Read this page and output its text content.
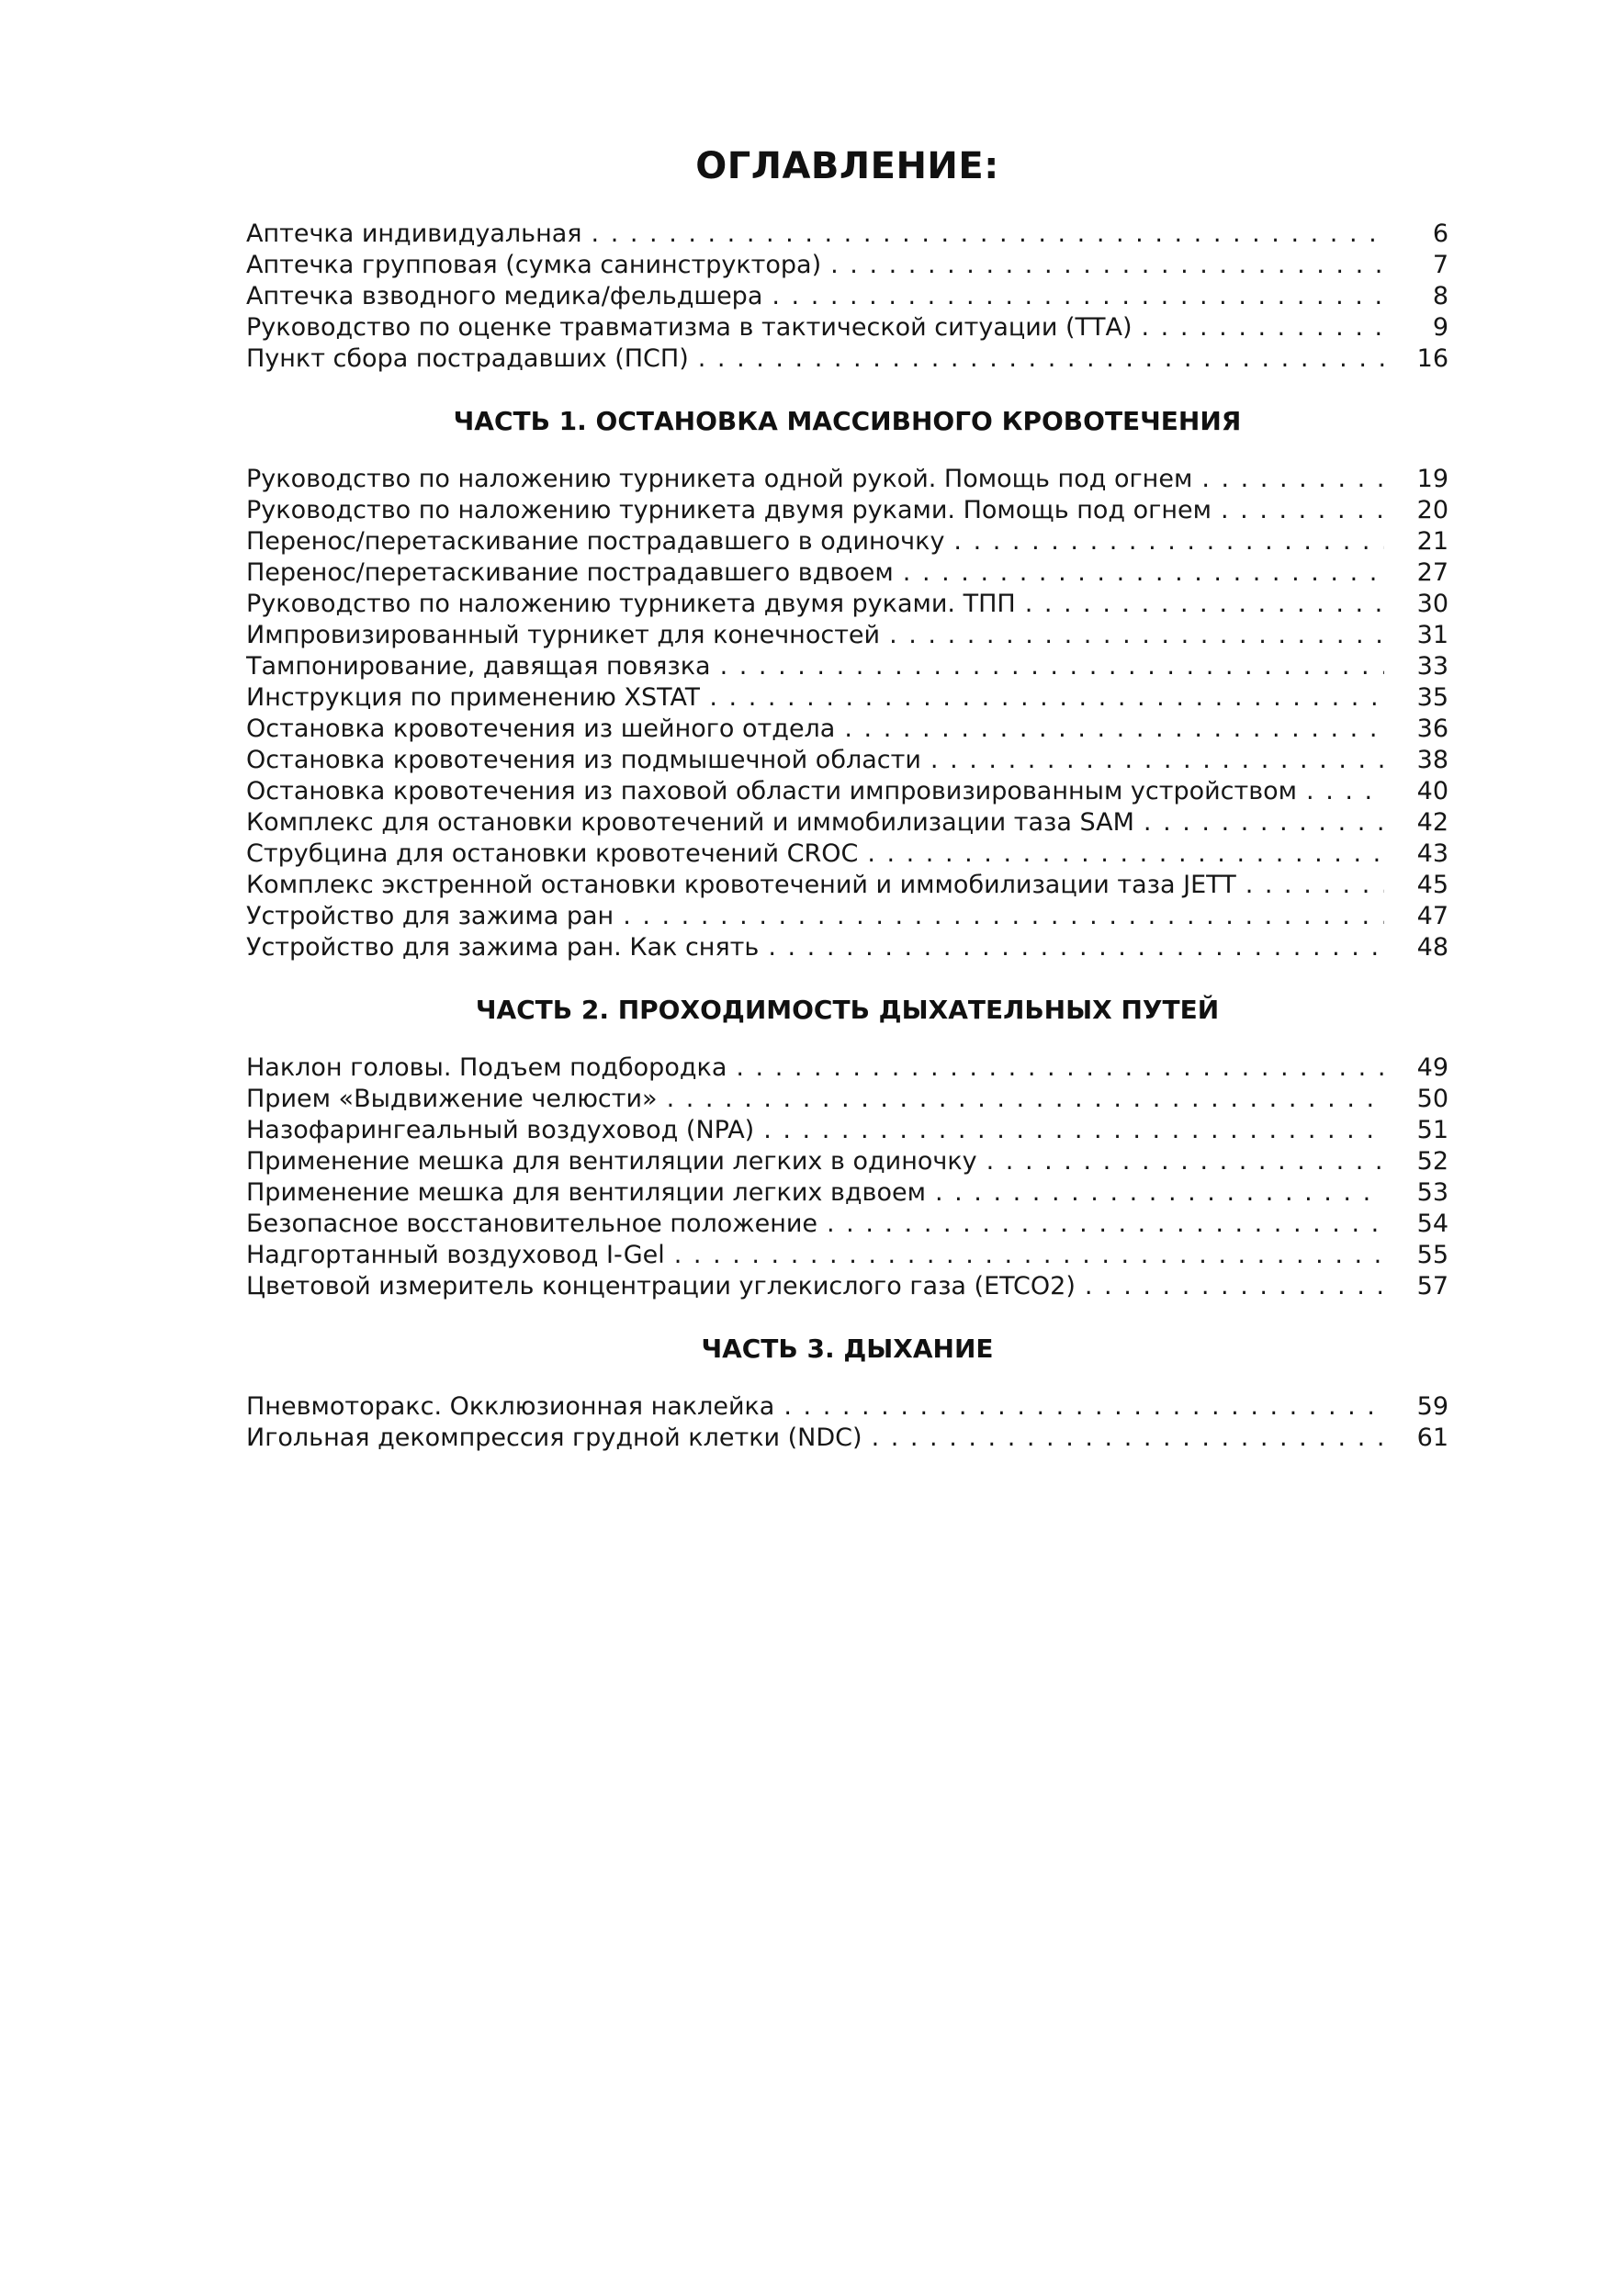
ОГЛАВЛЕНИЕ:
Аптечка индивидуальная . . .	6
Аптечка групповая (сумка санинструктора) . . .	7
Аптечка взводного медика/фельдшера . . .	8
Руководство по оценке травматизма в тактической ситуации (ТТА) . . .	9
Пункт сбора пострадавших (ПСП) . . .	16
ЧАСТЬ 1. ОСТАНОВКА МАССИВНОГО КРОВОТЕЧЕНИЯ
Руководство по наложению турникета одной рукой. Помощь под огнем . . .	19
Руководство по наложению турникета двумя руками. Помощь под огнем . . .	20
Перенос/перетаскивание пострадавшего в одиночку . . .	21
Перенос/перетаскивание пострадавшего вдвоем . . .	27
Руководство по наложению турникета двумя руками. ТПП . . .	30
Импровизированный турникет для конечностей . . .	31
Тампонирование, давящая повязка . . .	33
Инструкция по применению XSTAT . . .	35
Остановка кровотечения из шейного отдела . . .	36
Остановка кровотечения из подмышечной области . . .	38
Остановка кровотечения из паховой области импровизированным устройством . . .	40
Комплекс для остановки кровотечений и иммобилизации таза SAM . . .	42
Струбцина для остановки кровотечений CROC . . .	43
Комплекс экстренной остановки кровотечений и иммобилизации таза JETT . . .	45
Устройство для зажима ран . . .	47
Устройство для зажима ран. Как снять . . .	48
ЧАСТЬ 2. ПРОХОДИМОСТЬ ДЫХАТЕЛЬНЫХ ПУТЕЙ
Наклон головы. Подъем подбородка . . .	49
Прием «Выдвижение челюсти» . . .	50
Назофарингеальный воздуховод (NPA) . . .	51
Применение мешка для вентиляции легких в одиночку . . .	52
Применение мешка для вентиляции легких вдвоем . . .	53
Безопасное восстановительное положение . . .	54
Надгортанный воздуховод I-Gel . . .	55
Цветовой измеритель концентрации углекислого газа (ETCO2) . . .	57
ЧАСТЬ 3. ДЫХАНИЕ
Пневмоторакс. Окклюзионная наклейка . . .	59
Игольная декомпрессия грудной клетки (NDC) . . .	61
